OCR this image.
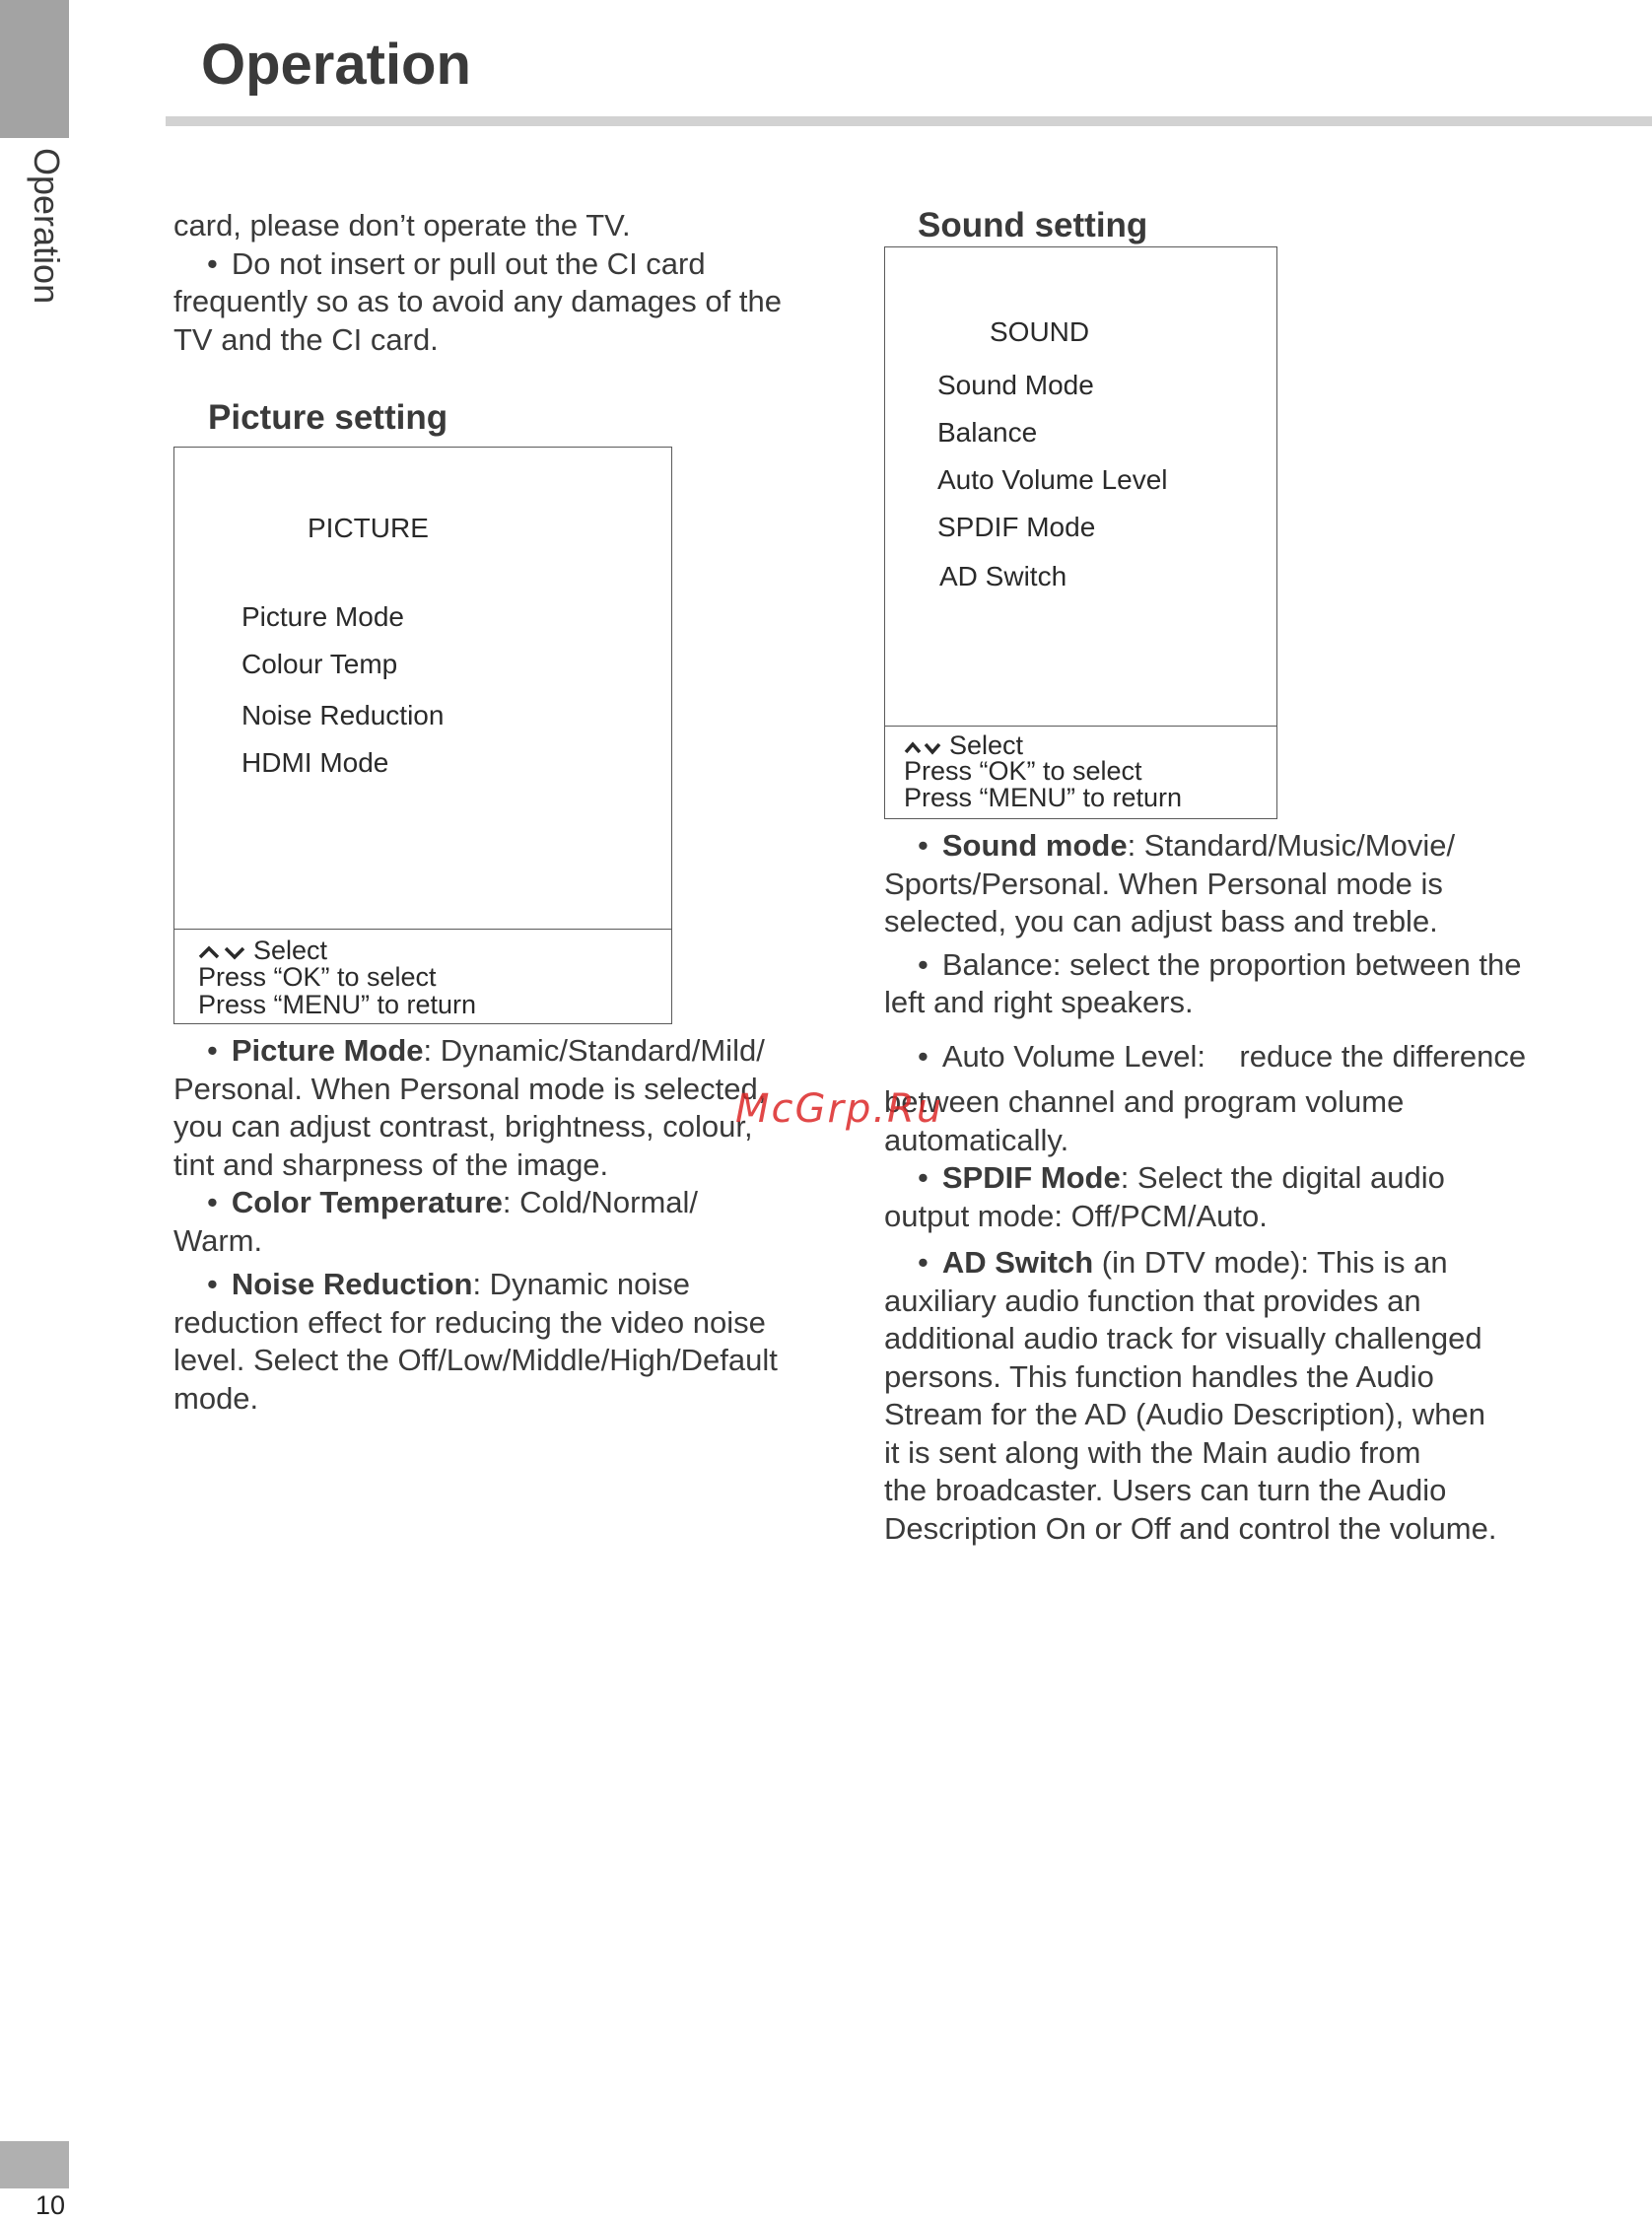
Operation
10
Operation

card, please don’t operate the TV.

• Do not insert or pull out the CI card

frequently so as to avoid any damages of the

TV and the CI card.

Picture setting
PICTURE
Picture Mode
Colour Temp
Noise Reduction
HDMI Mode
Select
Press “OK” to select
Press “MENU” to return

• Picture Mode: Dynamic/Standard/Mild/

Personal. When Personal mode is selected,

you can adjust contrast, brightness, colour,

tint and sharpness of the image.

• Color Temperature: Cold/Normal/

Warm.

• Noise Reduction: Dynamic noise

reduction effect for reducing the video noise

level. Select the Off/Low/Middle/High/Default

mode.

Sound setting
SOUND
Sound Mode
Balance
Auto Volume Level
SPDIF Mode
AD Switch
Select
Press “OK” to select
Press “MENU” to return

• Sound mode: Standard/Music/Movie/

Sports/Personal. When Personal mode is

selected, you can adjust bass and treble.

• Balance: select the proportion between the

left and right speakers.

• Auto Volume Level:    reduce the difference

between channel and program volume

automatically.

• SPDIF Mode: Select the digital audio

output mode: Off/PCM/Auto.

• AD Switch (in DTV mode): This is an

auxiliary audio function that provides an

additional audio track for visually challenged

persons. This function handles the Audio

Stream for the AD (Audio Description), when

it is sent along with the Main audio from

the broadcaster. Users can turn the Audio

Description On or Off and control the volume.

McGrp.Ru
